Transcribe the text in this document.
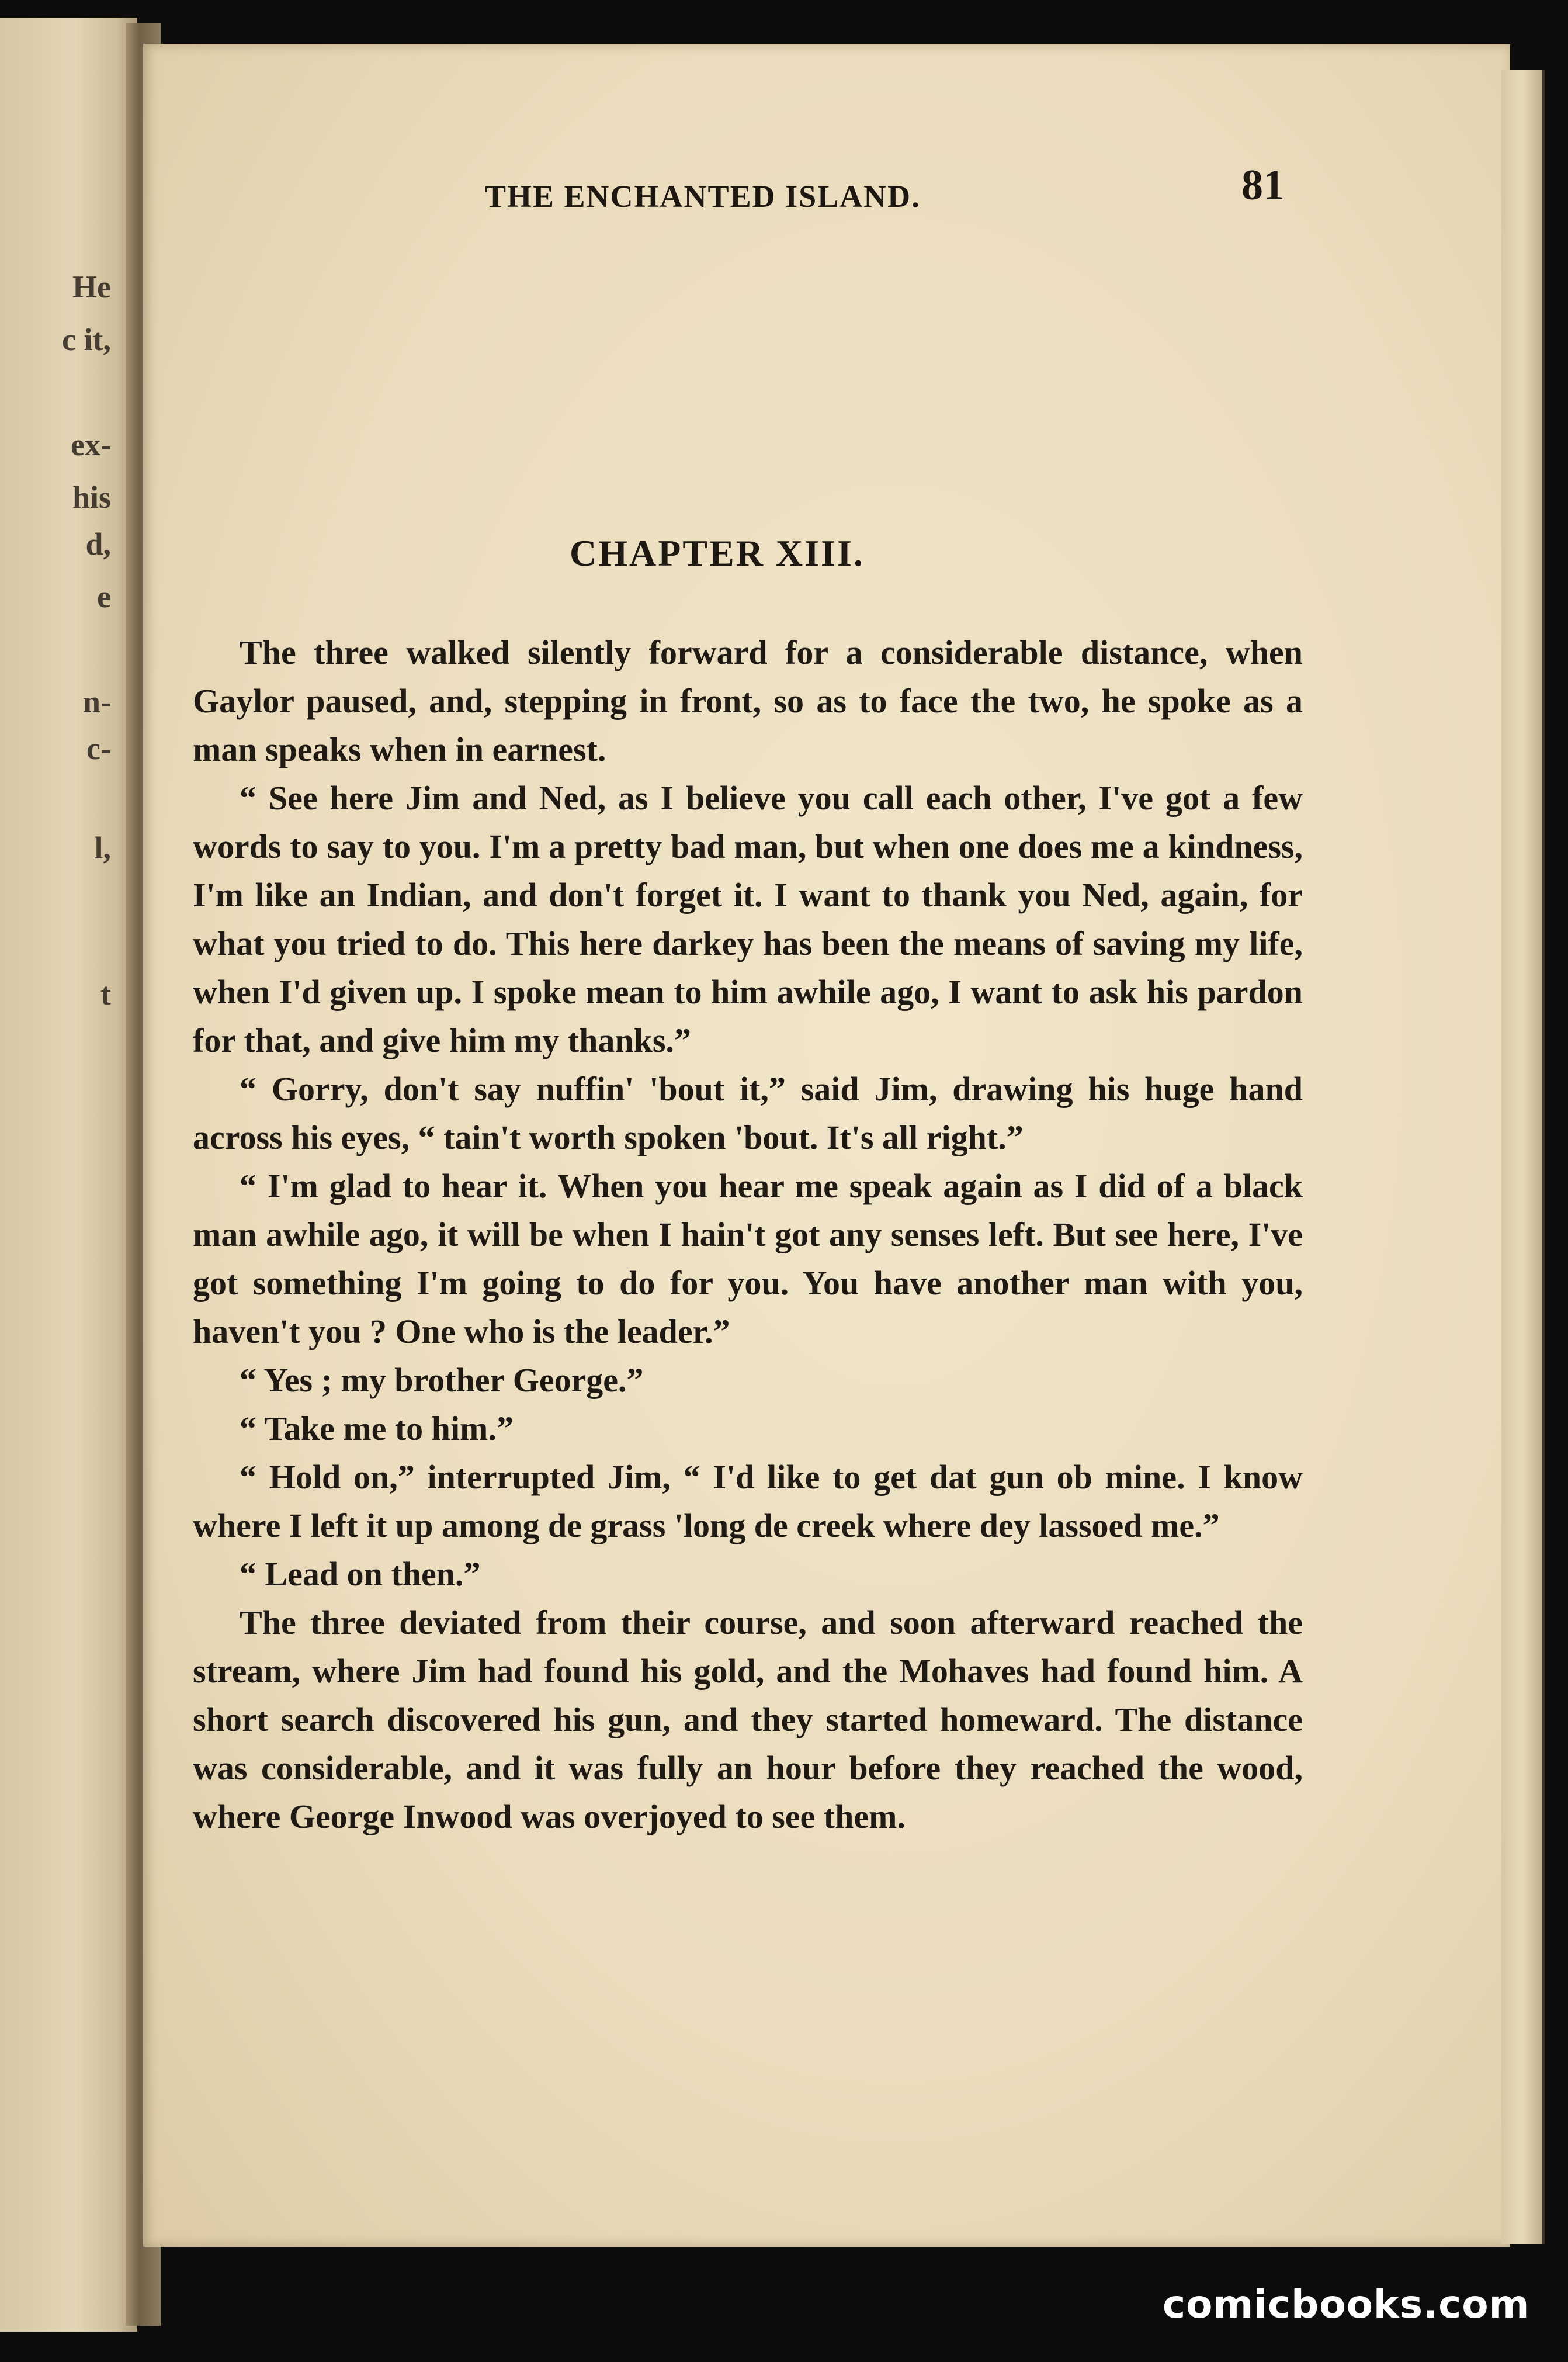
He
c it,
ex-
his
d,
e
n-
c-
l,
t
THE ENCHANTED ISLAND.	81
CHAPTER XIII.

The three walked silently forward for a considerable distance, when Gaylor paused, and, stepping in front, so as to face the two, he spoke as a man speaks when in earnest.

“ See here Jim and Ned, as I believe you call each other, I've got a few words to say to you. I'm a pretty bad man, but when one does me a kindness, I'm like an Indian, and don't forget it. I want to thank you Ned, again, for what you tried to do. This here darkey has been the means of saving my life, when I'd given up. I spoke mean to him awhile ago, I want to ask his pardon for that, and give him my thanks.”

“ Gorry, don't say nuffin' 'bout it,” said Jim, drawing his huge hand across his eyes, “ tain't worth spoken 'bout. It's all right.”

“ I'm glad to hear it. When you hear me speak again as I did of a black man awhile ago, it will be when I hain't got any senses left. But see here, I've got something I'm going to do for you. You have another man with you, haven't you ? One who is the leader.”

“ Yes ; my brother George.”

“ Take me to him.”

“ Hold on,” interrupted Jim, “ I'd like to get dat gun ob mine. I know where I left it up among de grass 'long de creek where dey lassoed me.”

“ Lead on then.”

The three deviated from their course, and soon afterward reached the stream, where Jim had found his gold, and the Mohaves had found him. A short search discovered his gun, and they started homeward. The distance was considerable, and it was fully an hour before they reached the wood, where George Inwood was overjoyed to see them.

comicbooks.com
